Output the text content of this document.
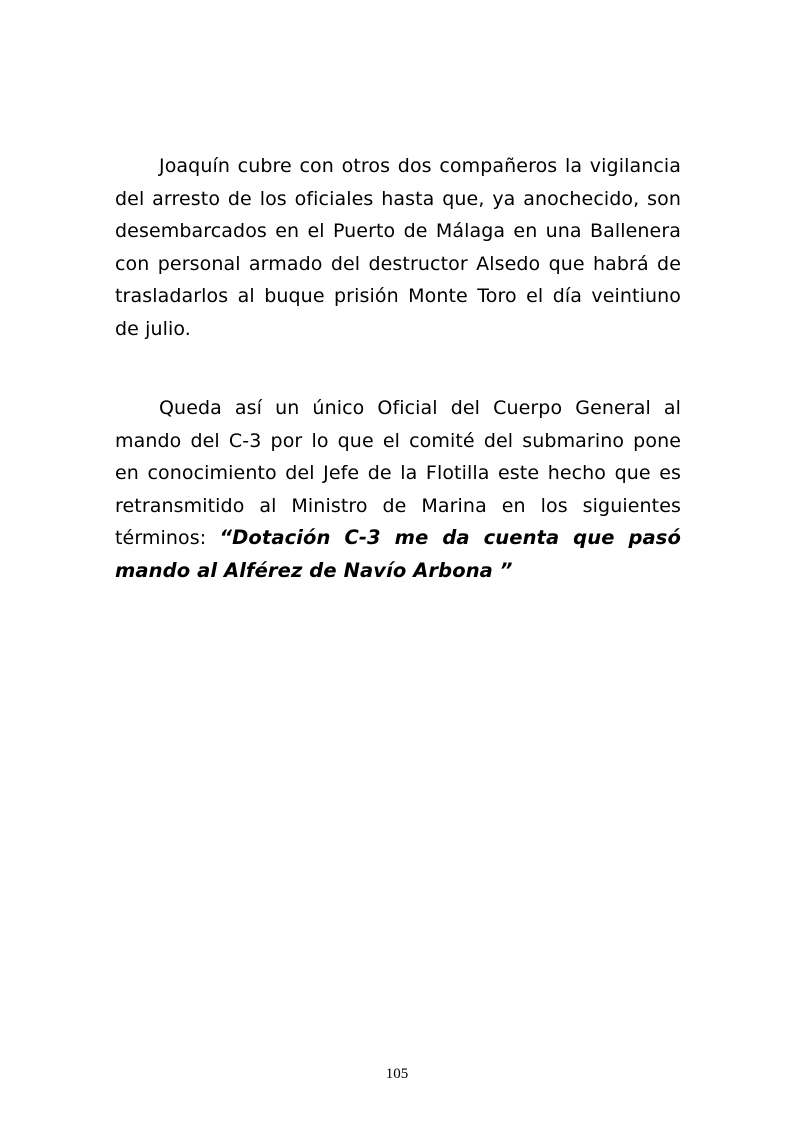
Joaquín cubre con otros dos compañeros la vigilancia del arresto de los oficiales hasta que, ya anochecido, son desembarcados en el Puerto de Málaga en una Ballenera con personal armado del destructor Alsedo que habrá de trasladarlos al buque prisión Monte Toro el día veintiuno de julio.

Queda así un único Oficial del Cuerpo General al mando del C-3 por lo que el comité del submarino pone en conocimiento del Jefe de la Flotilla este hecho que es retransmitido al Ministro de Marina en los siguientes términos: “Dotación C-3 me da cuenta que pasó mando al Alférez de Navío Arbona ”

105
